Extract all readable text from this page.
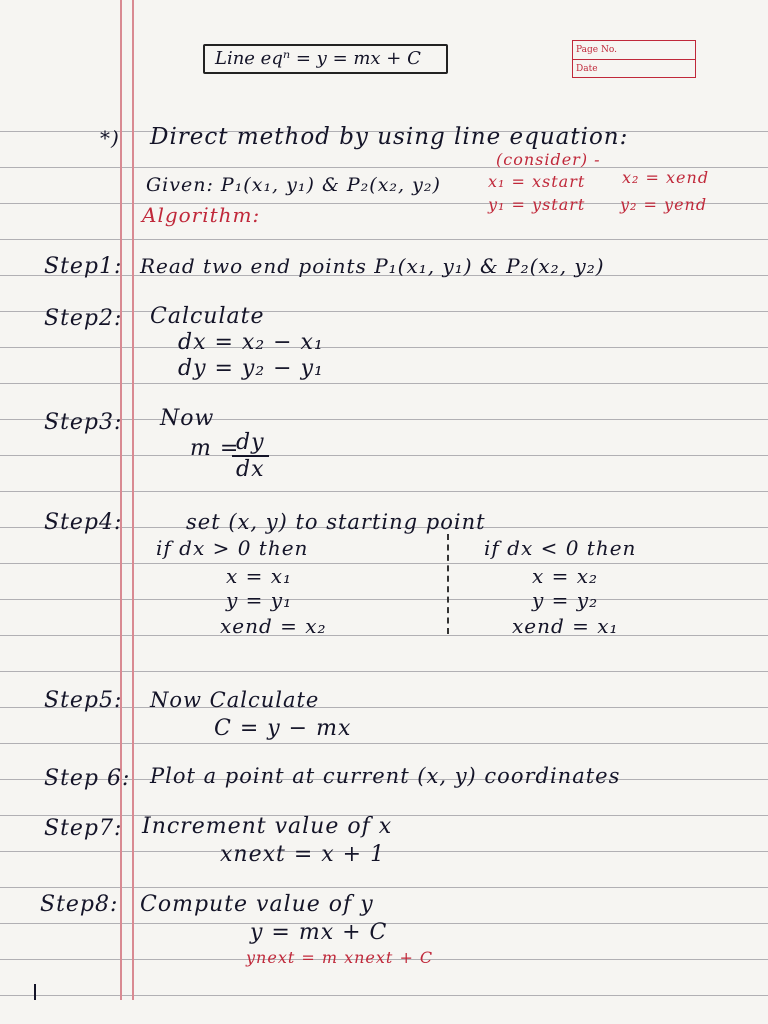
Line eqⁿ = y = mx + C	Page No.
Date
*) Direct method by using line equation:
(consider) -
x₁ = xstart x₂ = xend
y₁ = ystart y₂ = yend
Given: P₁(x₁, y₁) & P₂(x₂, y₂)
Algorithm:
Step1: Read two end points P₁(x₁, y₁) & P₂(x₂, y₂)
Step2: Calculate
dx = x₂ − x₁
dy = y₂ − y₁
Step3: Now
m =
$\frac{dy}{dx}$
Step4:	set (x, y) to starting point
if dx > 0 then
x = x₁
y = y₁
xend = x₂
if dx < 0 then
x = x₂
y = y₂
xend = x₁
Step5: Now Calculate
C = y − mx
Step 6: Plot a point at current (x, y) coordinates
Step7: Increment value of x
xnext = x + 1
Step8: Compute value of y
y = mx + C
ynext = m xnext + C
